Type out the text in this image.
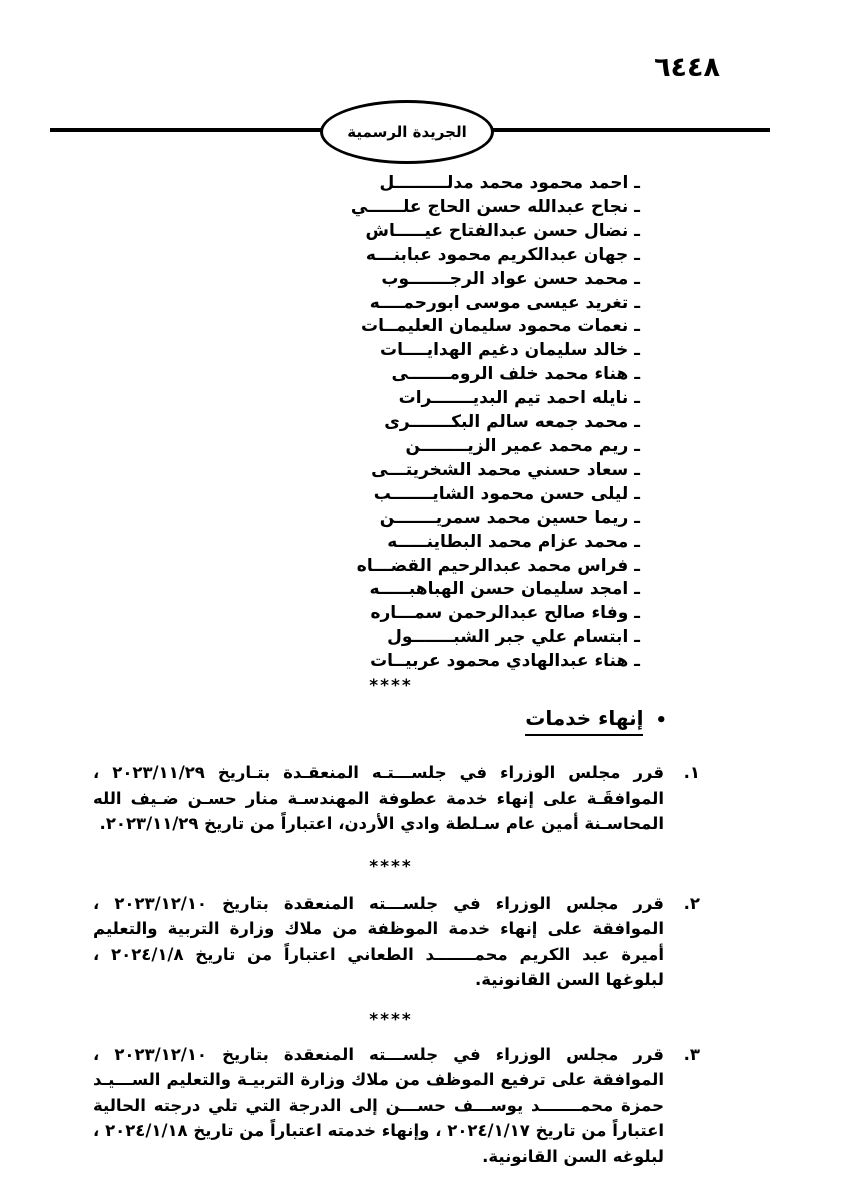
٦٤٤٨
الجريدة الرسمية
ـ احمد محمود محمد مدلـــــــــل
ـ نجاح عبدالله حسن الحاج علــــــي
ـ نضال حسن عبدالفتاح عيـــــاش
ـ جهان عبدالكريم محمود عبابنـــه
ـ محمد حسن عواد الرجـــــــوب
ـ تغريد عيسى موسى ابورحمــــه
ـ نعمات محمود سليمان العليمــات
ـ خالد سليمان دغيم الهدايــــات
ـ هناء محمد خلف الرومـــــــى
ـ نايله احمد تيم البديـــــــرات
ـ محمد جمعه سالم البكـــــــرى
ـ ريم محمد عمير الزيــــــــن
ـ سعاد حسني محمد الشخريتـــى
ـ ليلى حسن محمود الشايـــــــب
ـ ريما حسين محمد سمريـــــــن
ـ محمد عزام محمد البطاينـــــه
ـ فراس محمد عبدالرحيم القضـــاه
ـ امجد سليمان حسن الهباهبـــــه
ـ وفاء صالح عبدالرحمن سمـــاره
ـ ابتسام علي جبر الشبـــــــول
ـ هناء عبدالهادي محمود عربيــات
****
•
إنهاء خدمات
١.
قرر مجلس الوزراء في جلســـتـه المنعقـدة بتـاريخ ٢٠٢٣/١١/٢٩ ، الموافقَـة على إنهاء خدمة عطوفة المهندسـة منار حسـن ضـيف الله المحاسـنة أمين عام سـلطة وادي الأردن، اعتباراً من تاريخ ٢٠٢٣/١١/٢٩.
****
٢.
قرر مجلس الوزراء في جلســـته المنعقدة بتاريخ ٢٠٢٣/١٢/١٠ ، الموافقة على إنهاء خدمة الموظفة من ملاك وزارة التربية والتعليم أميرة عبد الكريم محمـــــــد الطعاني اعتباراً من تاريخ ٢٠٢٤/١/٨ ، لبلوغها السن القانونية.
****
٣.
قرر مجلس الوزراء في جلســـته المنعقدة بتاريخ ٢٠٢٣/١٢/١٠ ، الموافقة على ترفيع الموظف من ملاك وزارة التربيـة والتعليم الســـيـد حمزة محمـــــــد يوســـف حســـن إلى الدرجة التي تلي درجته الحالية اعتباراً من تاريخ ٢٠٢٤/١/١٧ ، وإنهاء خدمته اعتباراً من تاريخ ٢٠٢٤/١/١٨ ، لبلوغه السن القانونية.
